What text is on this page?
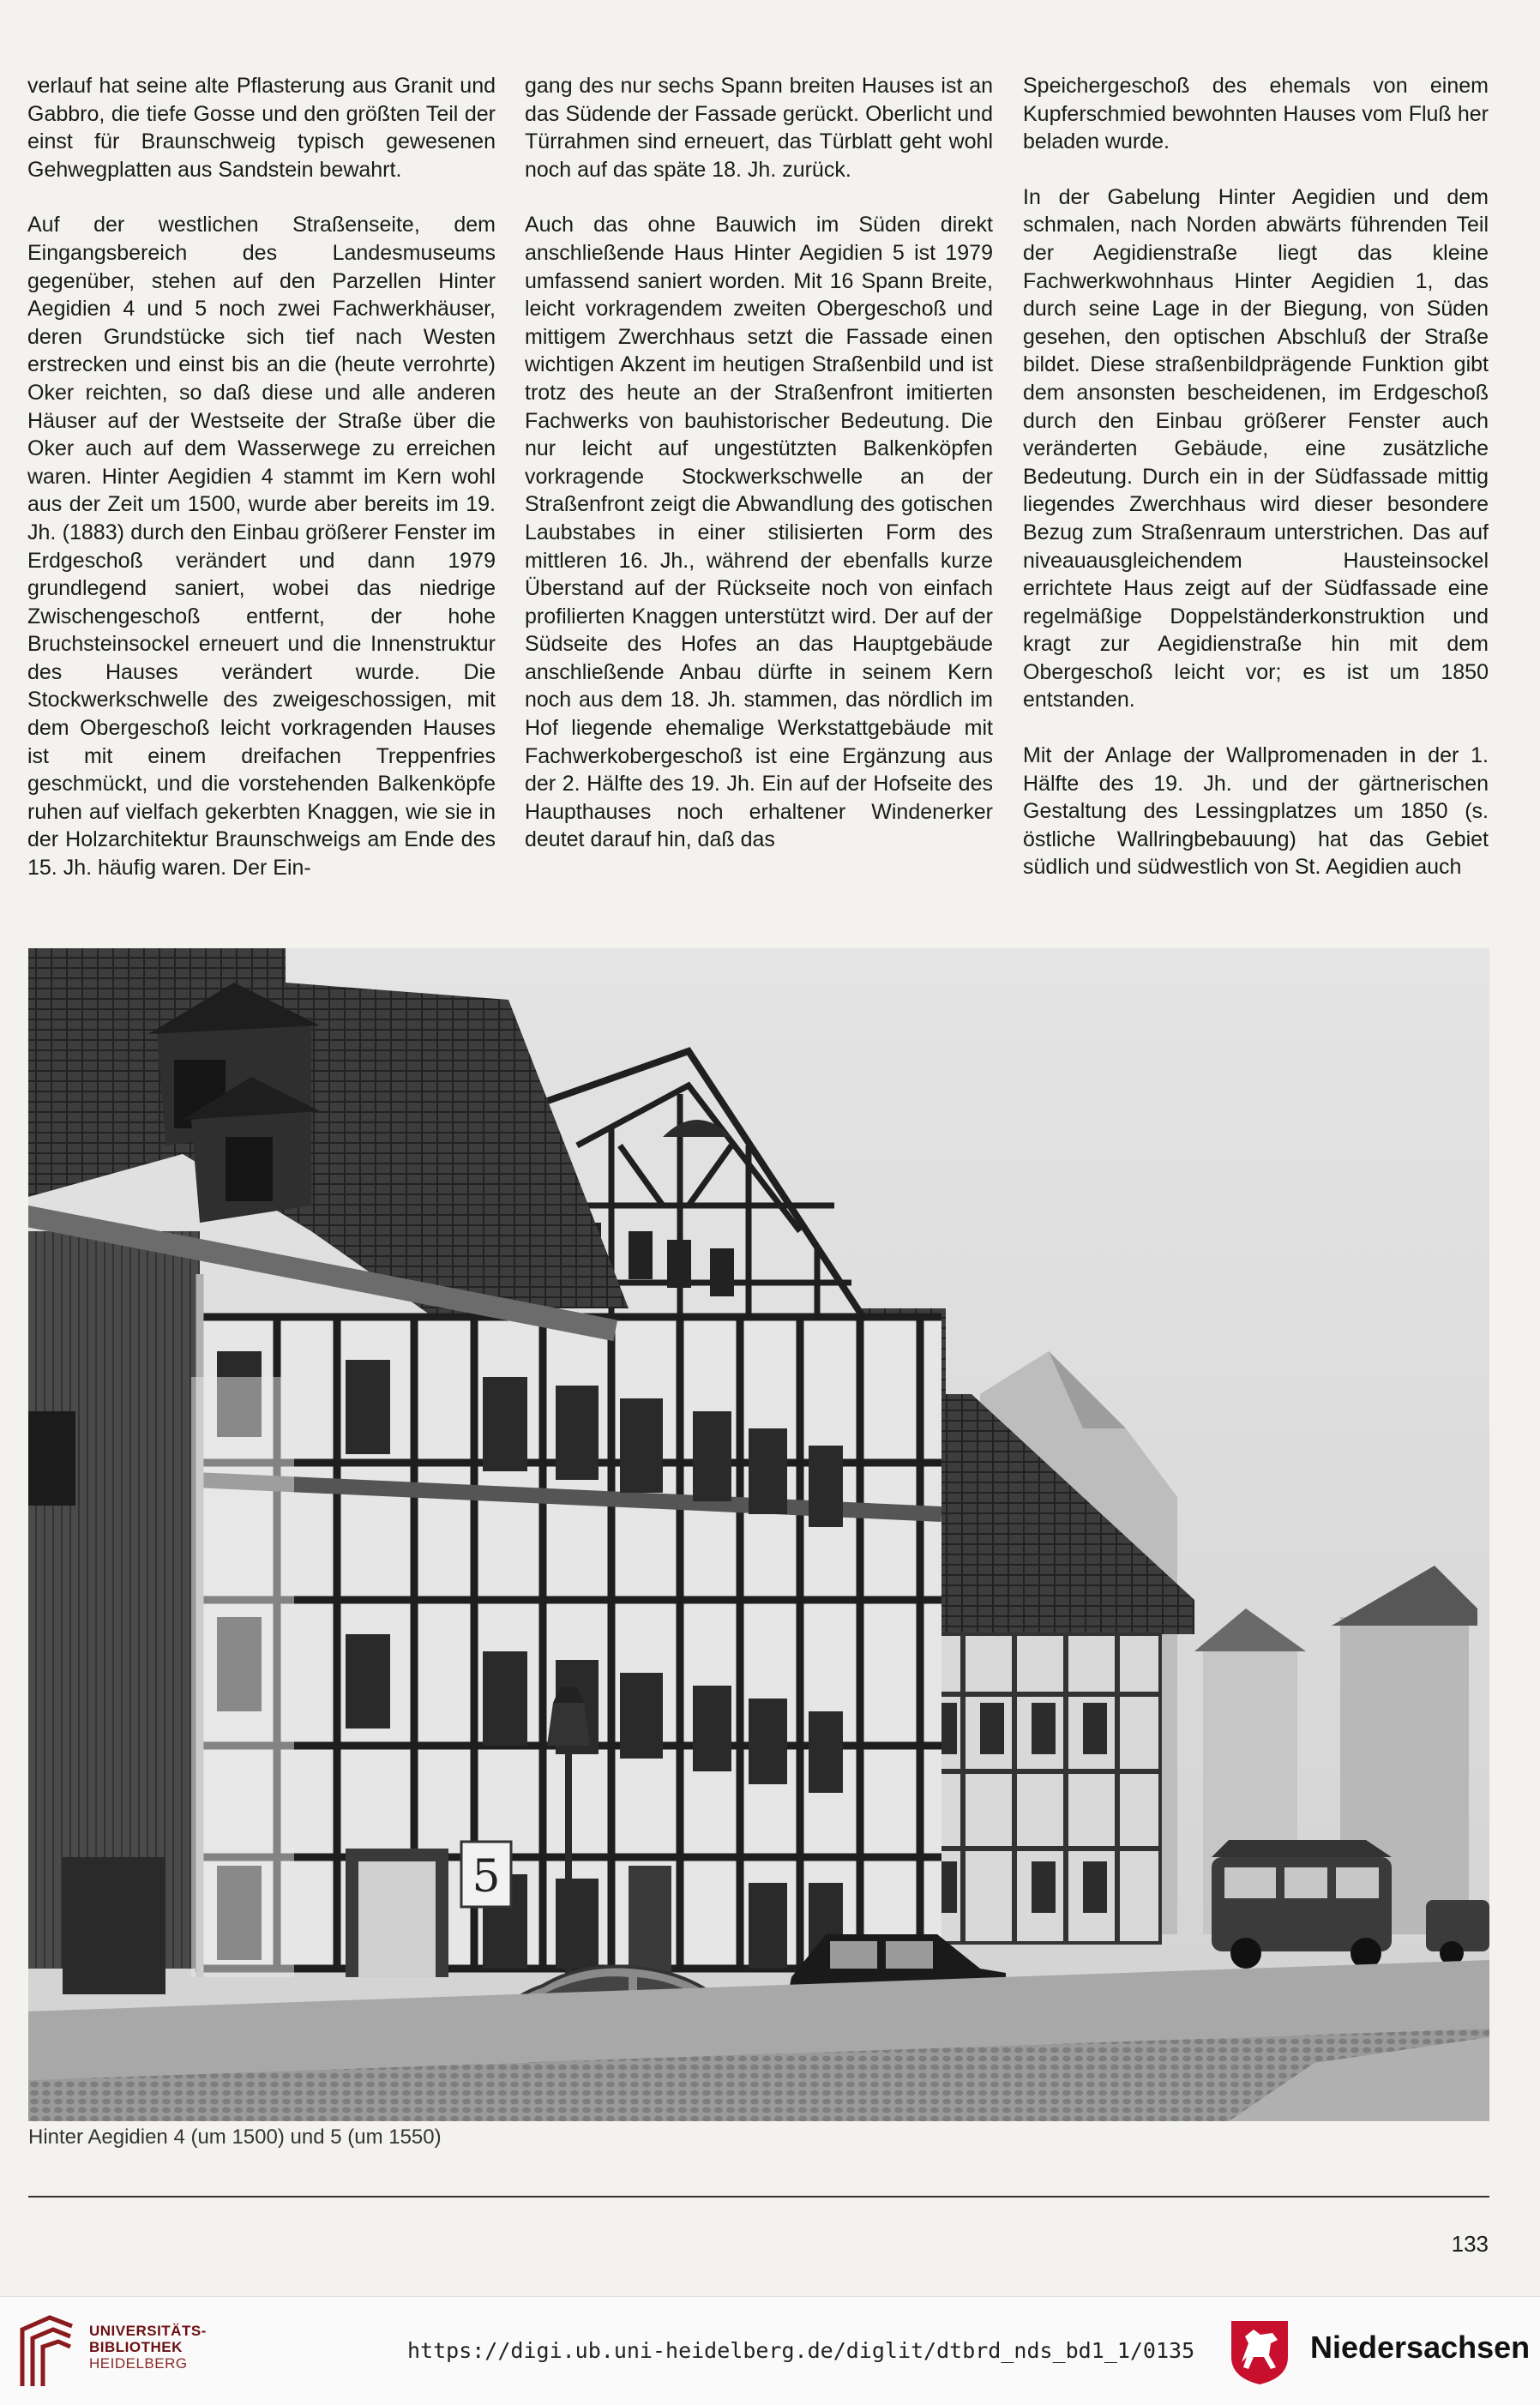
verlauf hat seine alte Pflasterung aus Granit und Gabbro, die tiefe Gosse und den größten Teil der einst für Braunschweig typisch gewesenen Gehwegplatten aus Sandstein bewahrt.

Auf der westlichen Straßenseite, dem Eingangsbereich des Landesmuseums gegenüber, stehen auf den Parzellen Hinter Aegidien 4 und 5 noch zwei Fachwerkhäuser, deren Grundstücke sich tief nach Westen erstrecken und einst bis an die (heute verrohrte) Oker reichten, so daß diese und alle anderen Häuser auf der Westseite der Straße über die Oker auch auf dem Wasserwege zu erreichen waren. Hinter Aegidien 4 stammt im Kern wohl aus der Zeit um 1500, wurde aber bereits im 19. Jh. (1883) durch den Einbau größerer Fenster im Erdgeschoß verändert und dann 1979 grundlegend saniert, wobei das niedrige Zwischengeschoß entfernt, der hohe Bruchsteinsockel erneuert und die Innenstruktur des Hauses verändert wurde. Die Stockwerkschwelle des zweigeschossigen, mit dem Obergeschoß leicht vorkragenden Hauses ist mit einem dreifachen Treppenfries geschmückt, und die vorstehenden Balkenköpfe ruhen auf vielfach gekerbten Knaggen, wie sie in der Holzarchitektur Braunschweigs am Ende des 15. Jh. häufig waren. Der Ein-

gang des nur sechs Spann breiten Hauses ist an das Südende der Fassade gerückt. Oberlicht und Türrahmen sind erneuert, das Türblatt geht wohl noch auf das späte 18. Jh. zurück.

Auch das ohne Bauwich im Süden direkt anschließende Haus Hinter Aegidien 5 ist 1979 umfassend saniert worden. Mit 16 Spann Breite, leicht vorkragendem zweiten Obergeschoß und mittigem Zwerchhaus setzt die Fassade einen wichtigen Akzent im heutigen Straßenbild und ist trotz des heute an der Straßenfront imitierten Fachwerks von bauhistorischer Bedeutung. Die nur leicht auf ungestützten Balkenköpfen vorkragende Stockwerkschwelle an der Straßenfront zeigt die Abwandlung des gotischen Laubstabes in einer stilisierten Form des mittleren 16. Jh., während der ebenfalls kurze Überstand auf der Rückseite noch von einfach profilierten Knaggen unterstützt wird. Der auf der Südseite des Hofes an das Hauptgebäude anschließende Anbau dürfte in seinem Kern noch aus dem 18. Jh. stammen, das nördlich im Hof liegende ehemalige Werkstattgebäude mit Fachwerkobergeschoß ist eine Ergänzung aus der 2. Hälfte des 19. Jh. Ein auf der Hofseite des Haupthauses noch erhaltener Windenerker deutet darauf hin, daß das

Speichergeschoß des ehemals von einem Kupferschmied bewohnten Hauses vom Fluß her beladen wurde.

In der Gabelung Hinter Aegidien und dem schmalen, nach Norden abwärts führenden Teil der Aegidienstraße liegt das kleine Fachwerkwohnhaus Hinter Aegidien 1, das durch seine Lage in der Biegung, von Süden gesehen, den optischen Abschluß der Straße bildet. Diese straßenbildprägende Funktion gibt dem ansonsten bescheidenen, im Erdgeschoß durch den Einbau größerer Fenster auch veränderten Gebäude, eine zusätzliche Bedeutung. Durch ein in der Südfassade mittig liegendes Zwerchhaus wird dieser besondere Bezug zum Straßenraum unterstrichen. Das auf niveauausgleichendem Hausteinsockel errichtete Haus zeigt auf der Südfassade eine regelmäßige Doppelständerkonstruktion und kragt zur Aegidienstraße hin mit dem Obergeschoß leicht vor; es ist um 1850 entstanden.

Mit der Anlage der Wallpromenaden in der 1. Hälfte des 19. Jh. und der gärtnerischen Gestaltung des Lessingplatzes um 1850 (s. östliche Wallringbebauung) hat das Gebiet südlich und südwestlich von St. Aegidien auch

5
Hinter Aegidien 4 (um 1500) und 5 (um 1550)
133
UNIVERSITÄTS-
BIBLIOTHEK
HEIDELBERG
https://digi.ub.uni-heidelberg.de/diglit/dtbrd_nds_bd1_1/0135	Niedersachsen
